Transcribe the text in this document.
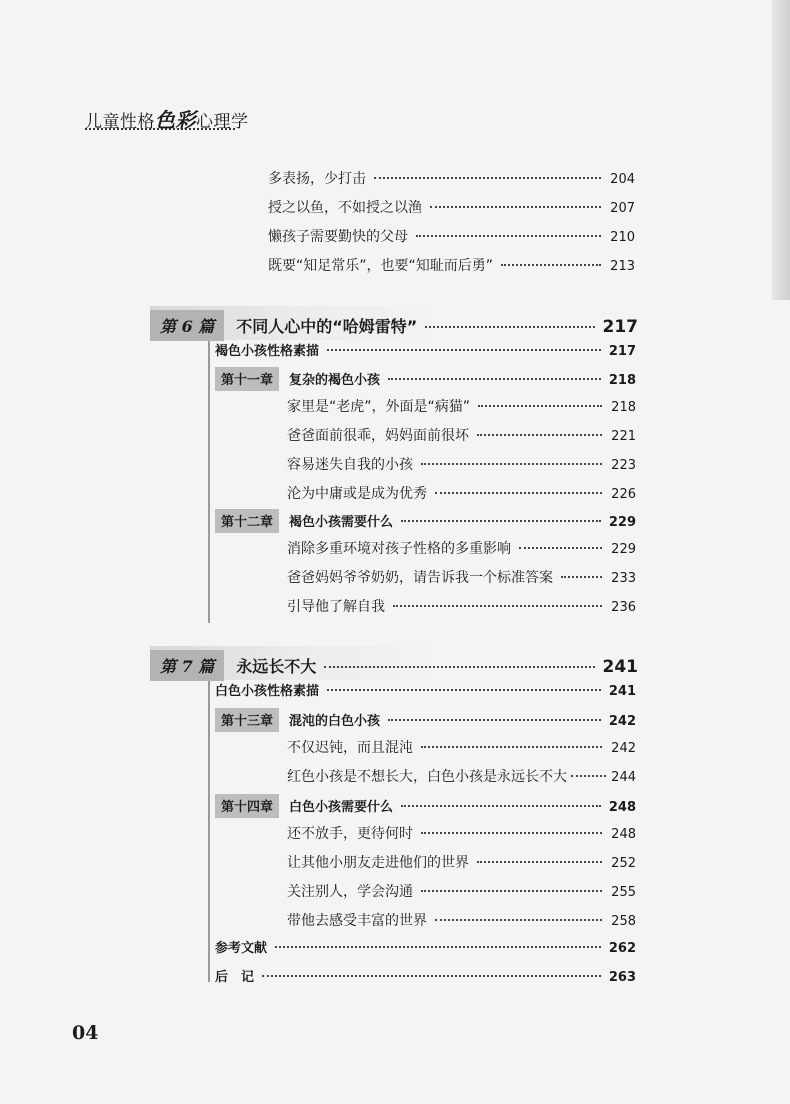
儿童性格色彩心理学
多表扬，少打击	204
授之以鱼，不如授之以渔	207
懒孩子需要勤快的父母	210
既要“知足常乐”，也要“知耻而后勇”	213
第 6 篇	不同人心中的“哈姆雷特”	217
褐色小孩性格素描	217
第十一章	复杂的褐色小孩	218
家里是“老虎”，外面是“病猫”	218
爸爸面前很乖，妈妈面前很坏	221
容易迷失自我的小孩	223
沦为中庸或是成为优秀	226
第十二章	褐色小孩需要什么	229
消除多重环境对孩子性格的多重影响	229
爸爸妈妈爷爷奶奶，请告诉我一个标准答案	233
引导他了解自我	236
第 7 篇	永远长不大	241
白色小孩性格素描	241
第十三章	混沌的白色小孩	242
不仅迟钝，而且混沌	242
红色小孩是不想长大，白色小孩是永远长不大	244
第十四章	白色小孩需要什么	248
还不放手，更待何时	248
让其他小朋友走进他们的世界	252
关注别人，学会沟通	255
带他去感受丰富的世界	258
参考文献	262
后　记	263
04
